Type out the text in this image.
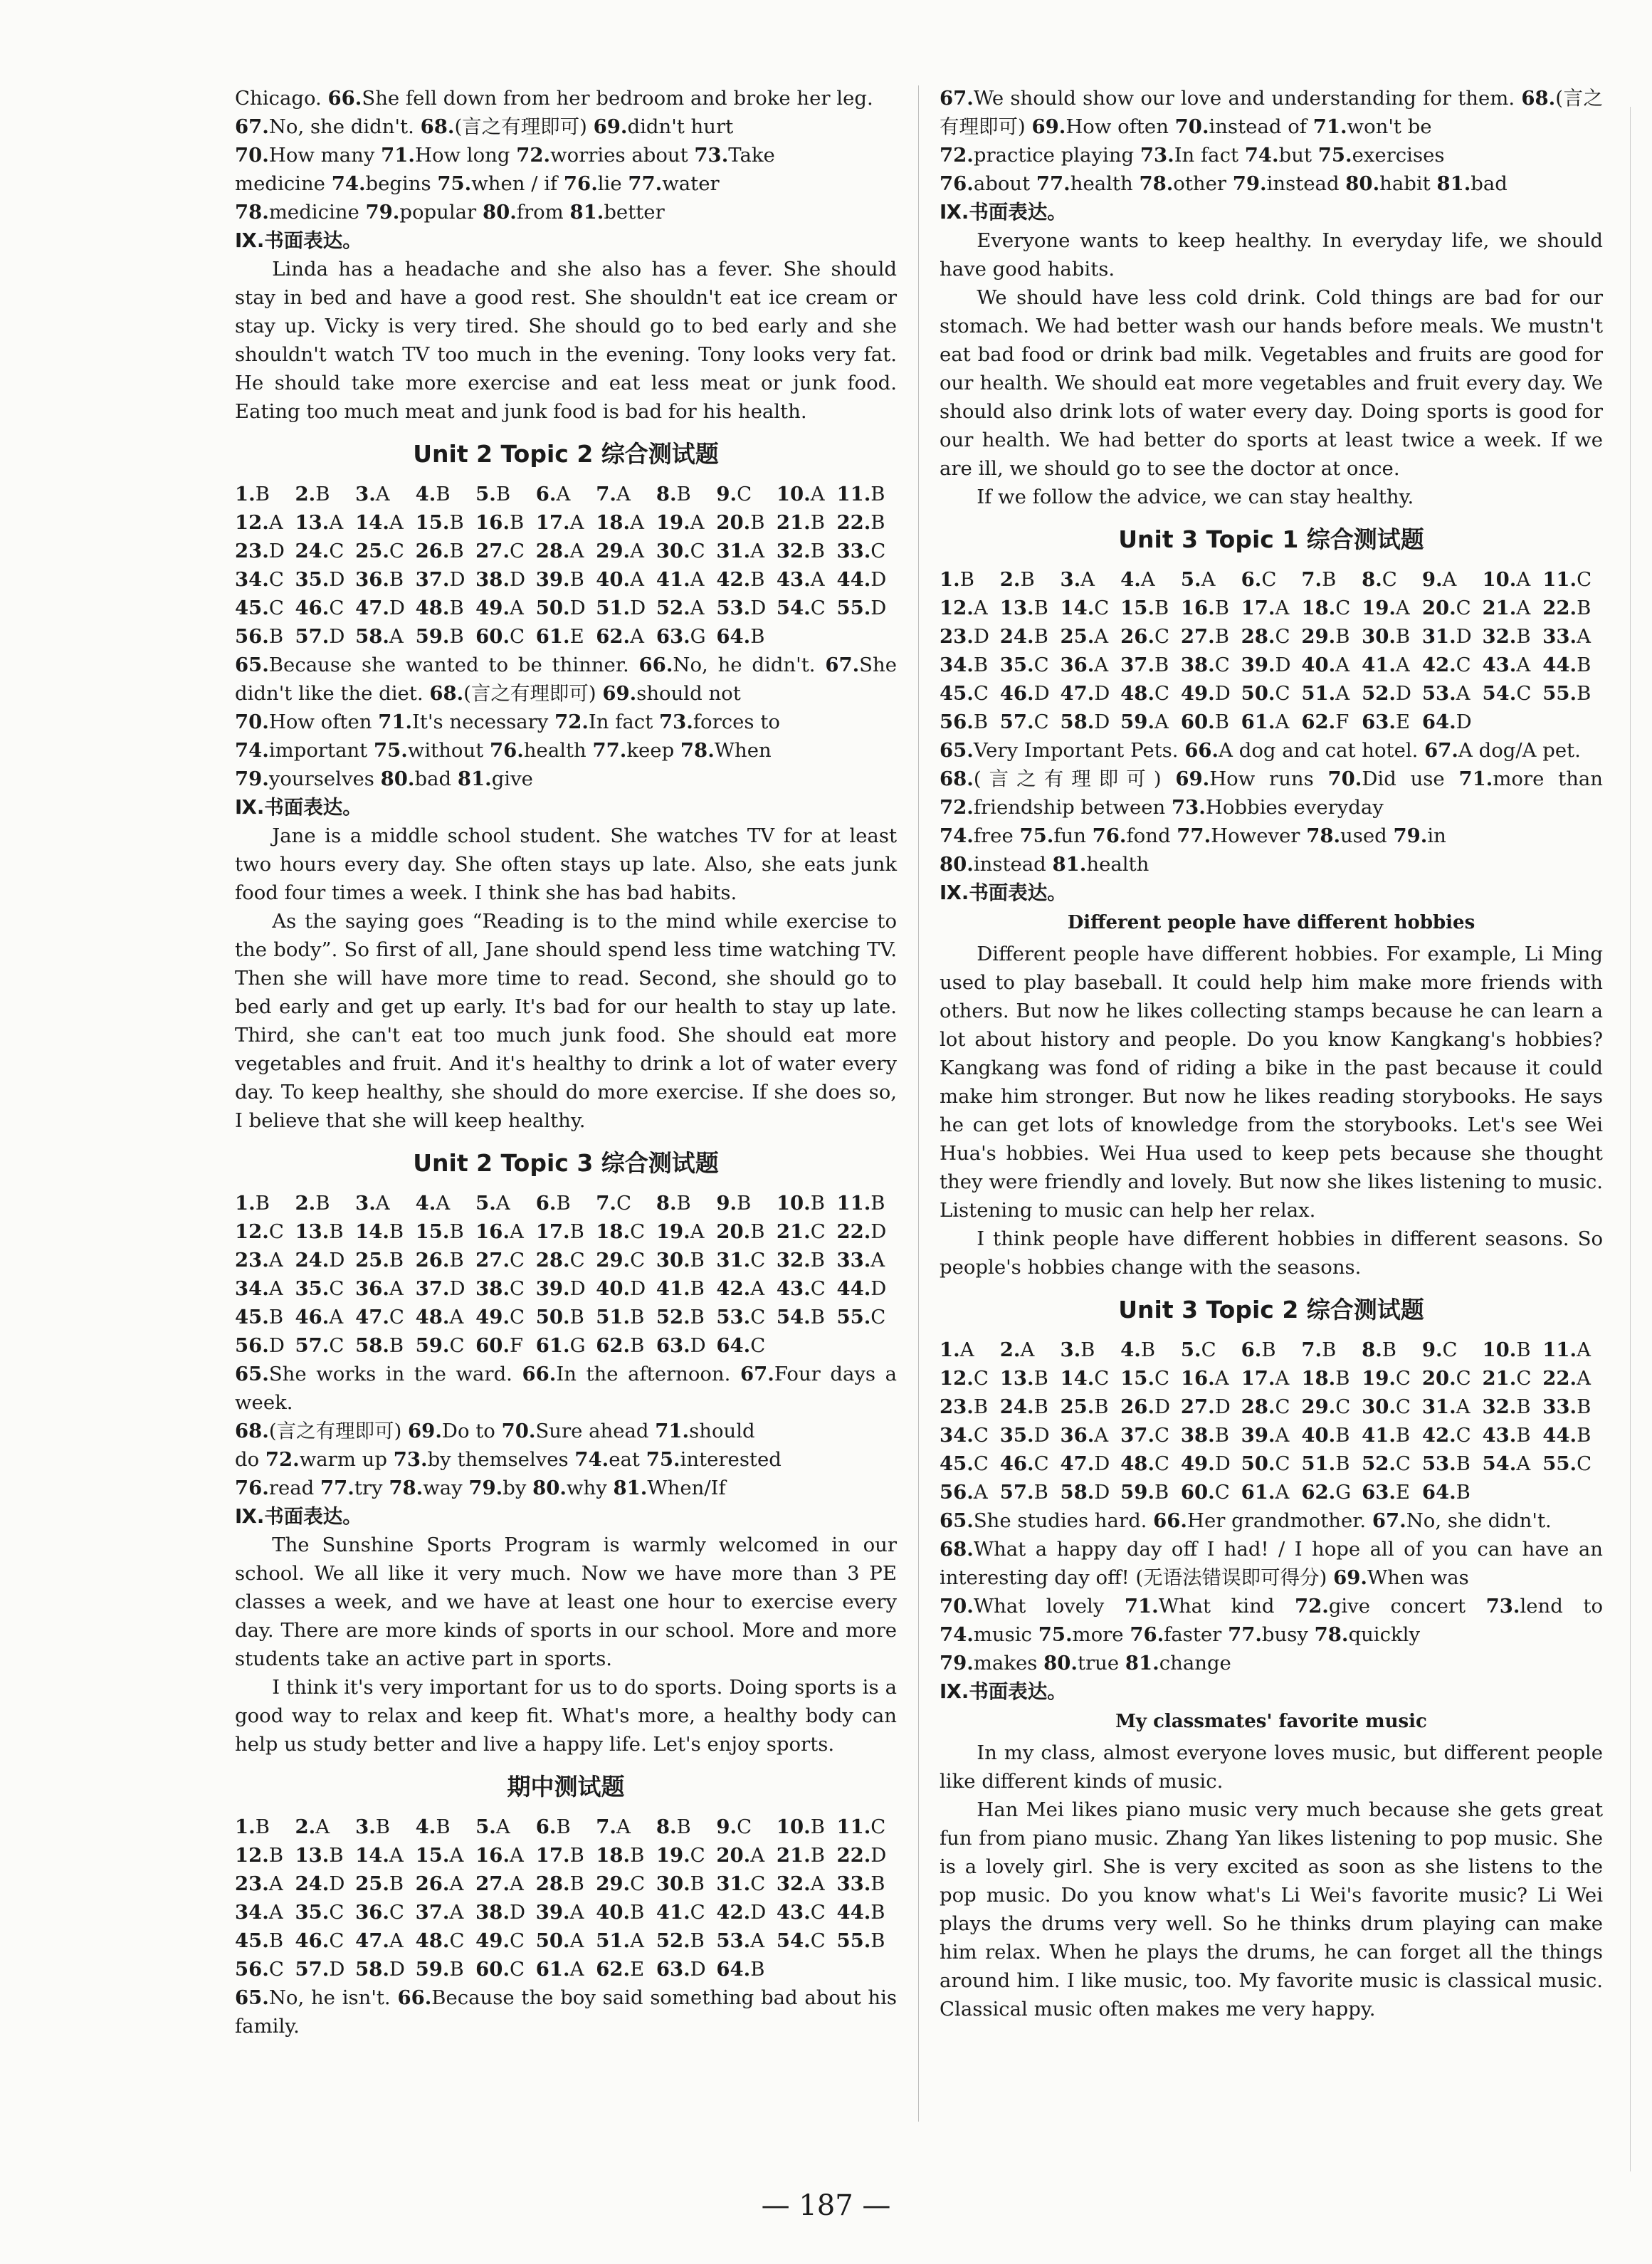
Chicago. 66.She fell down from her bedroom and broke her leg.

67.No, she didn't. 68.(言之有理即可) 69.didn't hurt

70.How many 71.How long 72.worries about 73.Take

medicine 74.begins 75.when / if 76.lie 77.water

78.medicine 79.popular 80.from 81.better

Ⅸ.书面表达。

Linda has a headache and she also has a fever. She should stay in bed and have a good rest. She shouldn't eat ice cream or stay up. Vicky is very tired. She should go to bed early and she shouldn't watch TV too much in the evening. Tony looks very fat. He should take more exercise and eat less meat or junk food. Eating too much meat and junk food is bad for his health.

Unit 2 Topic 2 综合测试题
1.B	2.B	3.A	4.B	5.B	6.A	7.A	8.B	9.C	10.A 11.B
12.A 13.A 14.A 15.B 16.B 17.A 18.A 19.A 20.B 21.B 22.B
23.D 24.C 25.C 26.B 27.C 28.A 29.A 30.C 31.A 32.B 33.C
34.C 35.D 36.B 37.D 38.D 39.B 40.A 41.A 42.B 43.A 44.D
45.C 46.C 47.D 48.B 49.A 50.D 51.D 52.A 53.D 54.C 55.D
56.B 57.D 58.A 59.B 60.C 61.E 62.A 63.G 64.B

65.Because she wanted to be thinner. 66.No, he didn't. 67.She didn't like the diet. 68.(言之有理即可) 69.should not

70.How often 71.It's necessary 72.In fact 73.forces to

74.important 75.without 76.health 77.keep 78.When

79.yourselves 80.bad 81.give

Ⅸ.书面表达。

Jane is a middle school student. She watches TV for at least two hours every day. She often stays up late. Also, she eats junk food four times a week. I think she has bad habits.

As the saying goes “Reading is to the mind while exercise to the body”. So first of all, Jane should spend less time watching TV. Then she will have more time to read. Second, she should go to bed early and get up early. It's bad for our health to stay up late. Third, she can't eat too much junk food. She should eat more vegetables and fruit. And it's healthy to drink a lot of water every day. To keep healthy, she should do more exercise. If she does so, I believe that she will keep healthy.

Unit 2 Topic 3 综合测试题
1.B	2.B	3.A	4.A	5.A	6.B	7.C	8.B	9.B	10.B 11.B
12.C 13.B 14.B 15.B 16.A 17.B 18.C 19.A 20.B 21.C 22.D
23.A 24.D 25.B 26.B 27.C 28.C 29.C 30.B 31.C 32.B 33.A
34.A 35.C 36.A 37.D 38.C 39.D 40.D 41.B 42.A 43.C 44.D
45.B 46.A 47.C 48.A 49.C 50.B 51.B 52.B 53.C 54.B 55.C
56.D 57.C 58.B 59.C 60.F 61.G 62.B 63.D 64.C

65.She works in the ward. 66.In the afternoon. 67.Four days a week.

68.(言之有理即可) 69.Do to 70.Sure ahead 71.should

do 72.warm up 73.by themselves 74.eat 75.interested

76.read 77.try 78.way 79.by 80.why 81.When/If

Ⅸ.书面表达。

The Sunshine Sports Program is warmly welcomed in our school. We all like it very much. Now we have more than 3 PE classes a week, and we have at least one hour to exercise every day. There are more kinds of sports in our school. More and more students take an active part in sports.

I think it's very important for us to do sports. Doing sports is a good way to relax and keep fit. What's more, a healthy body can help us study better and live a happy life. Let's enjoy sports.

期中测试题
1.B	2.A	3.B	4.B	5.A	6.B	7.A	8.B	9.C	10.B 11.C
12.B 13.B 14.A 15.A 16.A 17.B 18.B 19.C 20.A 21.B 22.D
23.A 24.D 25.B 26.A 27.A 28.B 29.C 30.B 31.C 32.A 33.B
34.A 35.C 36.C 37.A 38.D 39.A 40.B 41.C 42.D 43.C 44.B
45.B 46.C 47.A 48.C 49.C 50.A 51.A 52.B 53.A 54.C 55.B
56.C 57.D 58.D 59.B 60.C 61.A 62.E 63.D 64.B

65.No, he isn't. 66.Because the boy said something bad about his family.

67.We should show our love and understanding for them. 68.(言之有理即可) 69.How often 70.instead of 71.won't be

72.practice playing 73.In fact 74.but 75.exercises

76.about 77.health 78.other 79.instead 80.habit 81.bad

Ⅸ.书面表达。

Everyone wants to keep healthy. In everyday life, we should have good habits.

We should have less cold drink. Cold things are bad for our stomach. We had better wash our hands before meals. We mustn't eat bad food or drink bad milk. Vegetables and fruits are good for our health. We should eat more vegetables and fruit every day. We should also drink lots of water every day. Doing sports is good for our health. We had better do sports at least twice a week. If we are ill, we should go to see the doctor at once.

If we follow the advice, we can stay healthy.

Unit 3 Topic 1 综合测试题
1.B	2.B	3.A	4.A	5.A	6.C	7.B	8.C	9.A	10.A 11.C
12.A 13.B 14.C 15.B 16.B 17.A 18.C 19.A 20.C 21.A 22.B
23.D 24.B 25.A 26.C 27.B 28.C 29.B 30.B 31.D 32.B 33.A
34.B 35.C 36.A 37.B 38.C 39.D 40.A 41.A 42.C 43.A 44.B
45.C 46.D 47.D 48.C 49.D 50.C 51.A 52.D 53.A 54.C 55.B
56.B 57.C 58.D 59.A 60.B 61.A 62.F 63.E 64.D

65.Very Important Pets. 66.A dog and cat hotel. 67.A dog/A pet.

68.(言之有理即可) 69.How runs 70.Did use 71.more than 72.friendship between 73.Hobbies everyday

74.free 75.fun 76.fond 77.However 78.used 79.in

80.instead 81.health

Ⅸ.书面表达。

Different people have different hobbies

Different people have different hobbies. For example, Li Ming used to play baseball. It could help him make more friends with others. But now he likes collecting stamps because he can learn a lot about history and people. Do you know Kangkang's hobbies? Kangkang was fond of riding a bike in the past because it could make him stronger. But now he likes reading storybooks. He says he can get lots of knowledge from the storybooks. Let's see Wei Hua's hobbies. Wei Hua used to keep pets because she thought they were friendly and lovely. But now she likes listening to music. Listening to music can help her relax.

I think people have different hobbies in different seasons. So people's hobbies change with the seasons.

Unit 3 Topic 2 综合测试题
1.A	2.A	3.B	4.B	5.C	6.B	7.B	8.B	9.C	10.B 11.A
12.C 13.B 14.C 15.C 16.A 17.A 18.B 19.C 20.C 21.C 22.A
23.B 24.B 25.B 26.D 27.D 28.C 29.C 30.C 31.A 32.B 33.B
34.C 35.D 36.A 37.C 38.B 39.A 40.B 41.B 42.C 43.B 44.B
45.C 46.C 47.D 48.C 49.D 50.C 51.B 52.C 53.B 54.A 55.C
56.A 57.B 58.D 59.B 60.C 61.A 62.G 63.E 64.B

65.She studies hard. 66.Her grandmother. 67.No, she didn't.

68.What a happy day off I had! / I hope all of you can have an interesting day off! (无语法错误即可得分) 69.When was

70.What lovely 71.What kind 72.give concert 73.lend to 74.music 75.more 76.faster 77.busy 78.quickly

79.makes 80.true 81.change

Ⅸ.书面表达。

My classmates' favorite music

In my class, almost everyone loves music, but different people like different kinds of music.

Han Mei likes piano music very much because she gets great fun from piano music. Zhang Yan likes listening to pop music. She is a lovely girl. She is very excited as soon as she listens to the pop music. Do you know what's Li Wei's favorite music? Li Wei plays the drums very well. So he thinks drum playing can make him relax. When he plays the drums, he can forget all the things around him. I like music, too. My favorite music is classical music. Classical music often makes me very happy.

— 187 —
